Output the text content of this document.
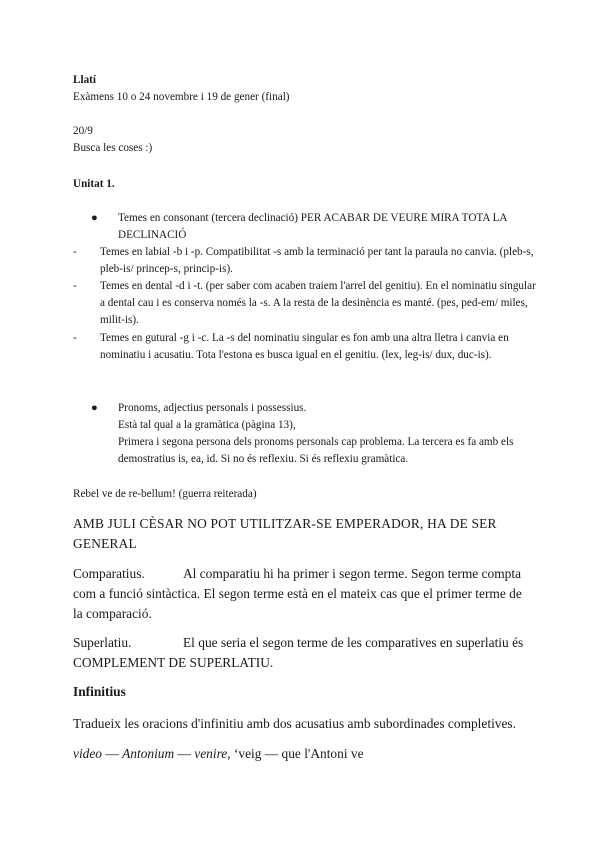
Llatí
Exàmens 10 o 24 novembre i 19 de gener (final)
20/9
Busca les coses :)
Unitat 1.
● Temes en consonant (tercera declinació) PER ACABAR DE VEURE MIRA TOTA LA DECLINACIÓ
-	Temes en labial -b i -p. Compatibilitat -s amb la terminació per tant la paraula no canvia. (pleb-s, pleb-is/ princep-s, princip-is).
-	Temes en dental -d i -t. (per saber com acaben traiem l'arrel del genitiu). En el nominatiu singular a dental cau i es conserva només la -s. A la resta de la desinència es manté. (pes, ped-em/ miles, milit-is).
-	Temes en gutural -g i -c. La -s del nominatiu singular es fon amb una altra lletra i canvia en nominatiu i acusatiu. Tota l'estona es busca igual en el genitiu. (lex, leg-is/ dux, duc-is).
● Pronoms, adjectius personals i possessius.
Està tal qual a la gramàtica (pàgina 13),
Primera i segona persona dels pronoms personals cap problema. La tercera es fa amb els demostratius is, ea, id. Si no és reflexiu. Si és reflexiu gramàtica.
Rebel ve de re-bellum! (guerra reiterada)
AMB JULI CÈSAR NO POT UTILITZAR-SE EMPERADOR, HA DE SER GENERAL
Comparatius.	Al comparatiu hi ha primer i segon terme. Segon terme compta com a funció sintàctica. El segon terme està en el mateix cas que el primer terme de la comparació.
Superlatiu.	El que seria el segon terme de les comparatives en superlatiu és COMPLEMENT DE SUPERLATIU.
Infinitius
Tradueix les oracions d'infinitiu amb dos acusatius amb subordinades completives.
video — Antonium — venire, ‘veig — que l'Antoni ve
